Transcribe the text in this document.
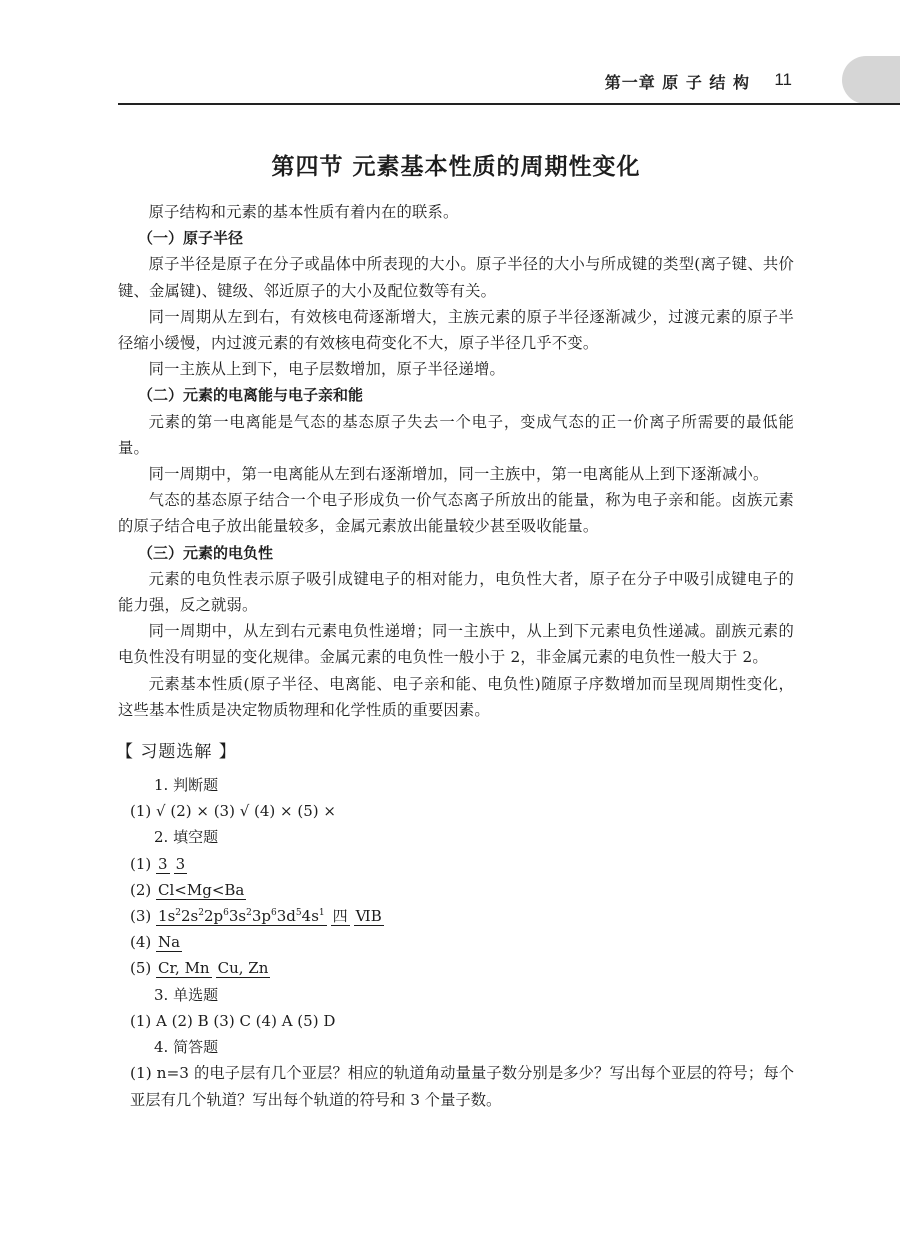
第一章 原 子 结 构 11
第四节 元素基本性质的周期性变化

原子结构和元素的基本性质有着内在的联系。

（一）原子半径

原子半径是原子在分子或晶体中所表现的大小。原子半径的大小与所成键的类型(离子键、共价键、金属键)、键级、邻近原子的大小及配位数等有关。

同一周期从左到右，有效核电荷逐渐增大，主族元素的原子半径逐渐减少，过渡元素的原子半径缩小缓慢，内过渡元素的有效核电荷变化不大，原子半径几乎不变。

同一主族从上到下，电子层数增加，原子半径递增。

（二）元素的电离能与电子亲和能

元素的第一电离能是气态的基态原子失去一个电子，变成气态的正一价离子所需要的最低能量。

同一周期中，第一电离能从左到右逐渐增加，同一主族中，第一电离能从上到下逐渐减小。

气态的基态原子结合一个电子形成负一价气态离子所放出的能量，称为电子亲和能。卤族元素的原子结合电子放出能量较多，金属元素放出能量较少甚至吸收能量。

（三）元素的电负性

元素的电负性表示原子吸引成键电子的相对能力，电负性大者，原子在分子中吸引成键电子的能力强，反之就弱。

同一周期中，从左到右元素电负性递增；同一主族中，从上到下元素电负性递减。副族元素的电负性没有明显的变化规律。金属元素的电负性一般小于 2，非金属元素的电负性一般大于 2。

元素基本性质(原子半径、电离能、电子亲和能、电负性)随原子序数增加而呈现周期性变化，这些基本性质是决定物质物理和化学性质的重要因素。

【 习题选解 】

1. 判断题

(1) √ (2) × (3) √ (4) × (5) ×

2. 填空题

(1) 3 3

(2) Cl<Mg<Ba

(3) $1s^22s^22p^63s^23p^63d^54s^1$ 四 ⅥB

(4) Na

(5) Cr, Mn Cu, Zn

3. 单选题

(1) A (2) B (3) C (4) A (5) D

4. 简答题

(1) n=3 的电子层有几个亚层？相应的轨道角动量量子数分别是多少？写出每个亚层的符号；每个亚层有几个轨道？写出每个轨道的符号和 3 个量子数。
